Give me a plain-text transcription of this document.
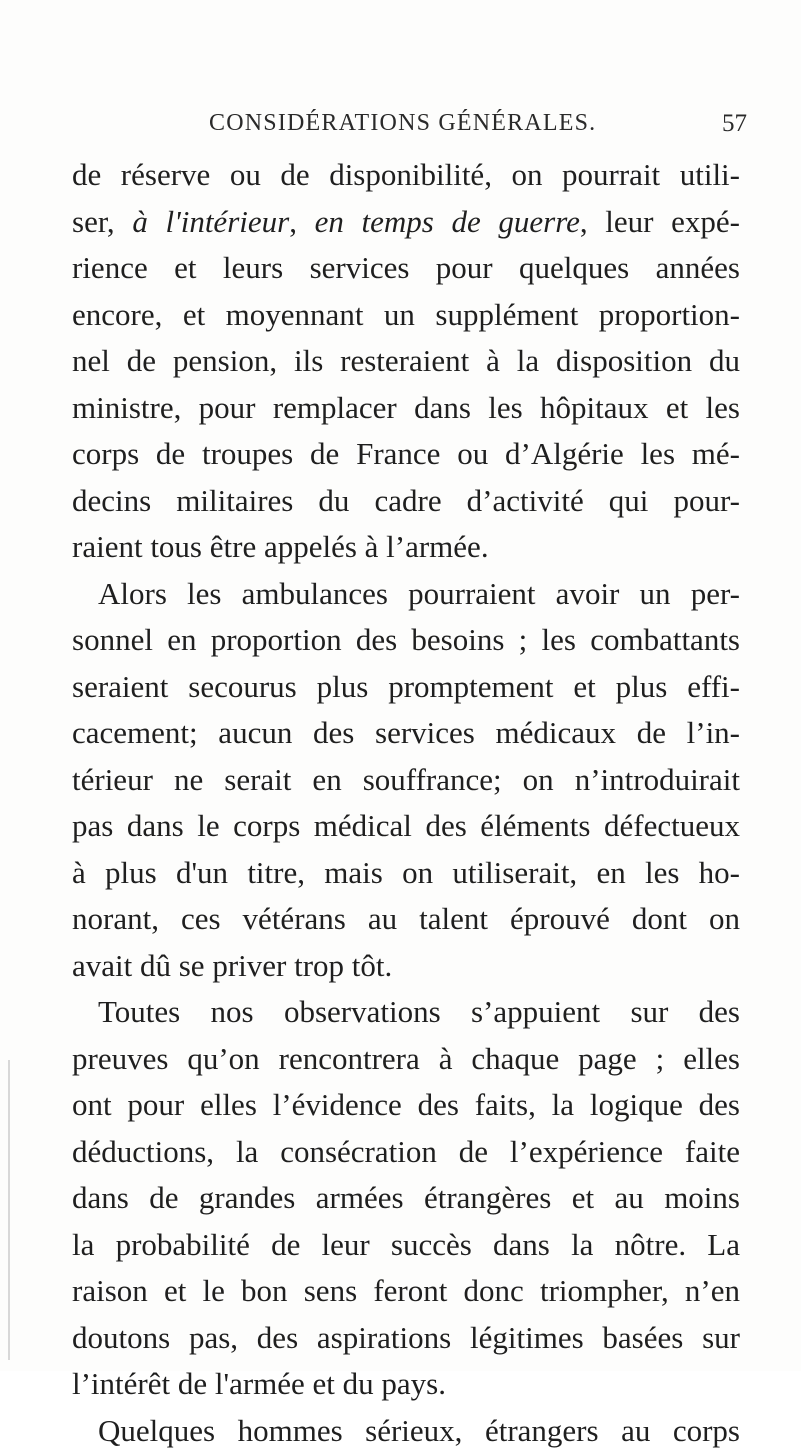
CONSIDÉRATIONS GÉNÉRALES.	57
de réserve ou de disponibilité, on pourrait utili-
ser, à l'intérieur, en temps de guerre, leur expé-
rience et leurs services pour quelques années
encore, et moyennant un supplément proportion-
nel de pension, ils resteraient à la disposition du
ministre, pour remplacer dans les hôpitaux et les
corps de troupes de France ou d’Algérie les mé-
decins militaires du cadre d’activité qui pour-
raient tous être appelés à l’armée.
Alors les ambulances pourraient avoir un per-
sonnel en proportion des besoins ; les combattants
seraient secourus plus promptement et plus effi-
cacement; aucun des services médicaux de l’in-
térieur ne serait en souffrance; on n’introduirait
pas dans le corps médical des éléments défectueux
à plus d'un titre, mais on utiliserait, en les ho-
norant, ces vétérans au talent éprouvé dont on
avait dû se priver trop tôt.
Toutes nos observations s’appuient sur des
preuves qu’on rencontrera à chaque page ; elles
ont pour elles l’évidence des faits, la logique des
déductions, la consécration de l’expérience faite
dans de grandes armées étrangères et au moins
la probabilité de leur succès dans la nôtre. La
raison et le bon sens feront donc triompher, n’en
doutons pas, des aspirations légitimes basées sur
l’intérêt de l'armée et du pays.
Quelques hommes sérieux, étrangers au corps
